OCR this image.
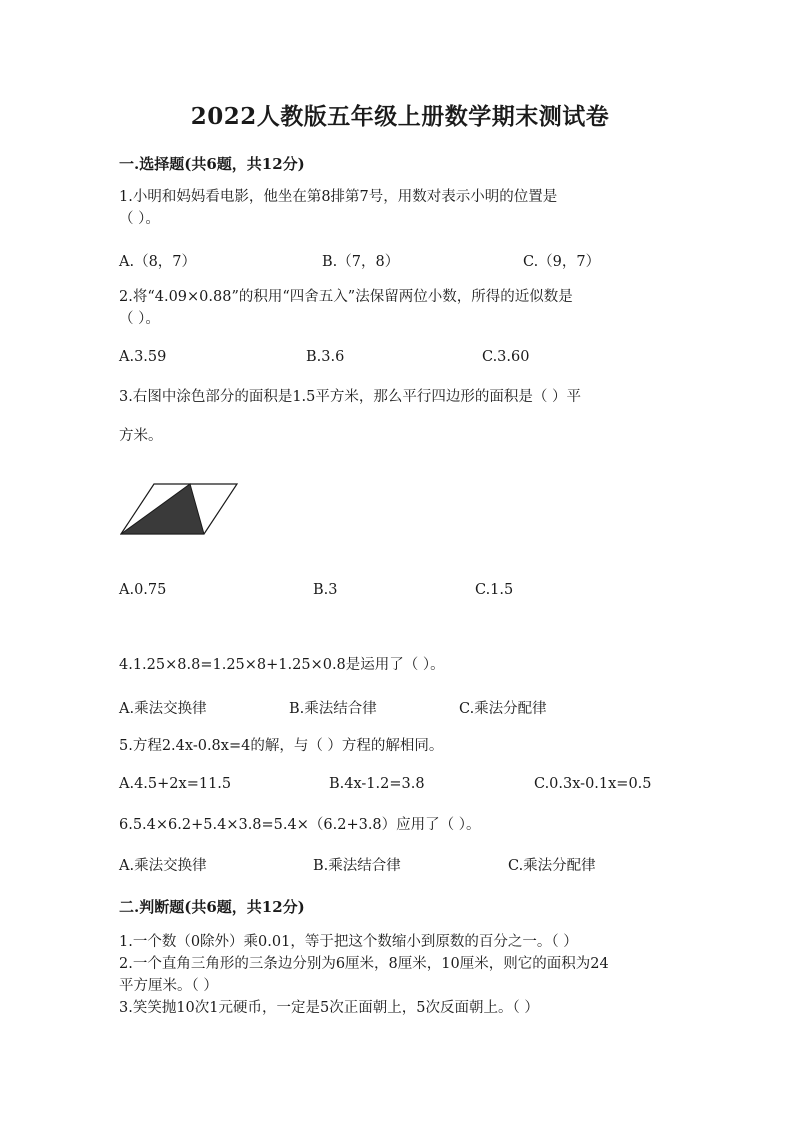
2022人教版五年级上册数学期末测试卷
一.选择题(共6题，共12分)
1.小明和妈妈看电影，他坐在第8排第7号，用数对表示小明的位置是
（ ）。
A.（8，7）	B.（7，8）	C.（9，7）
2.将“4.09×0.88”的积用“四舍五入”法保留两位小数，所得的近似数是
（ ）。
A.3.59	B.3.6	C.3.60
3.右图中涂色部分的面积是1.5平方米，那么平行四边形的面积是（ ）平
方米。
A.0.75	B.3	C.1.5
4.1.25×8.8=1.25×8+1.25×0.8是运用了（ ）。
A.乘法交换律	B.乘法结合律	C.乘法分配律
5.方程2.4x-0.8x=4的解，与（ ）方程的解相同。
A.4.5+2x=11.5	B.4x-1.2=3.8	C.0.3x-0.1x=0.5
6.5.4×6.2+5.4×3.8=5.4×（6.2+3.8）应用了（ ）。
A.乘法交换律	B.乘法结合律	C.乘法分配律
二.判断题(共6题，共12分)
1.一个数（0除外）乘0.01，等于把这个数缩小到原数的百分之一。（ ）
2.一个直角三角形的三条边分别为6厘米，8厘米，10厘米，则它的面积为24
平方厘米。（ ）
3.笑笑抛10次1元硬币，一定是5次正面朝上，5次反面朝上。（ ）
